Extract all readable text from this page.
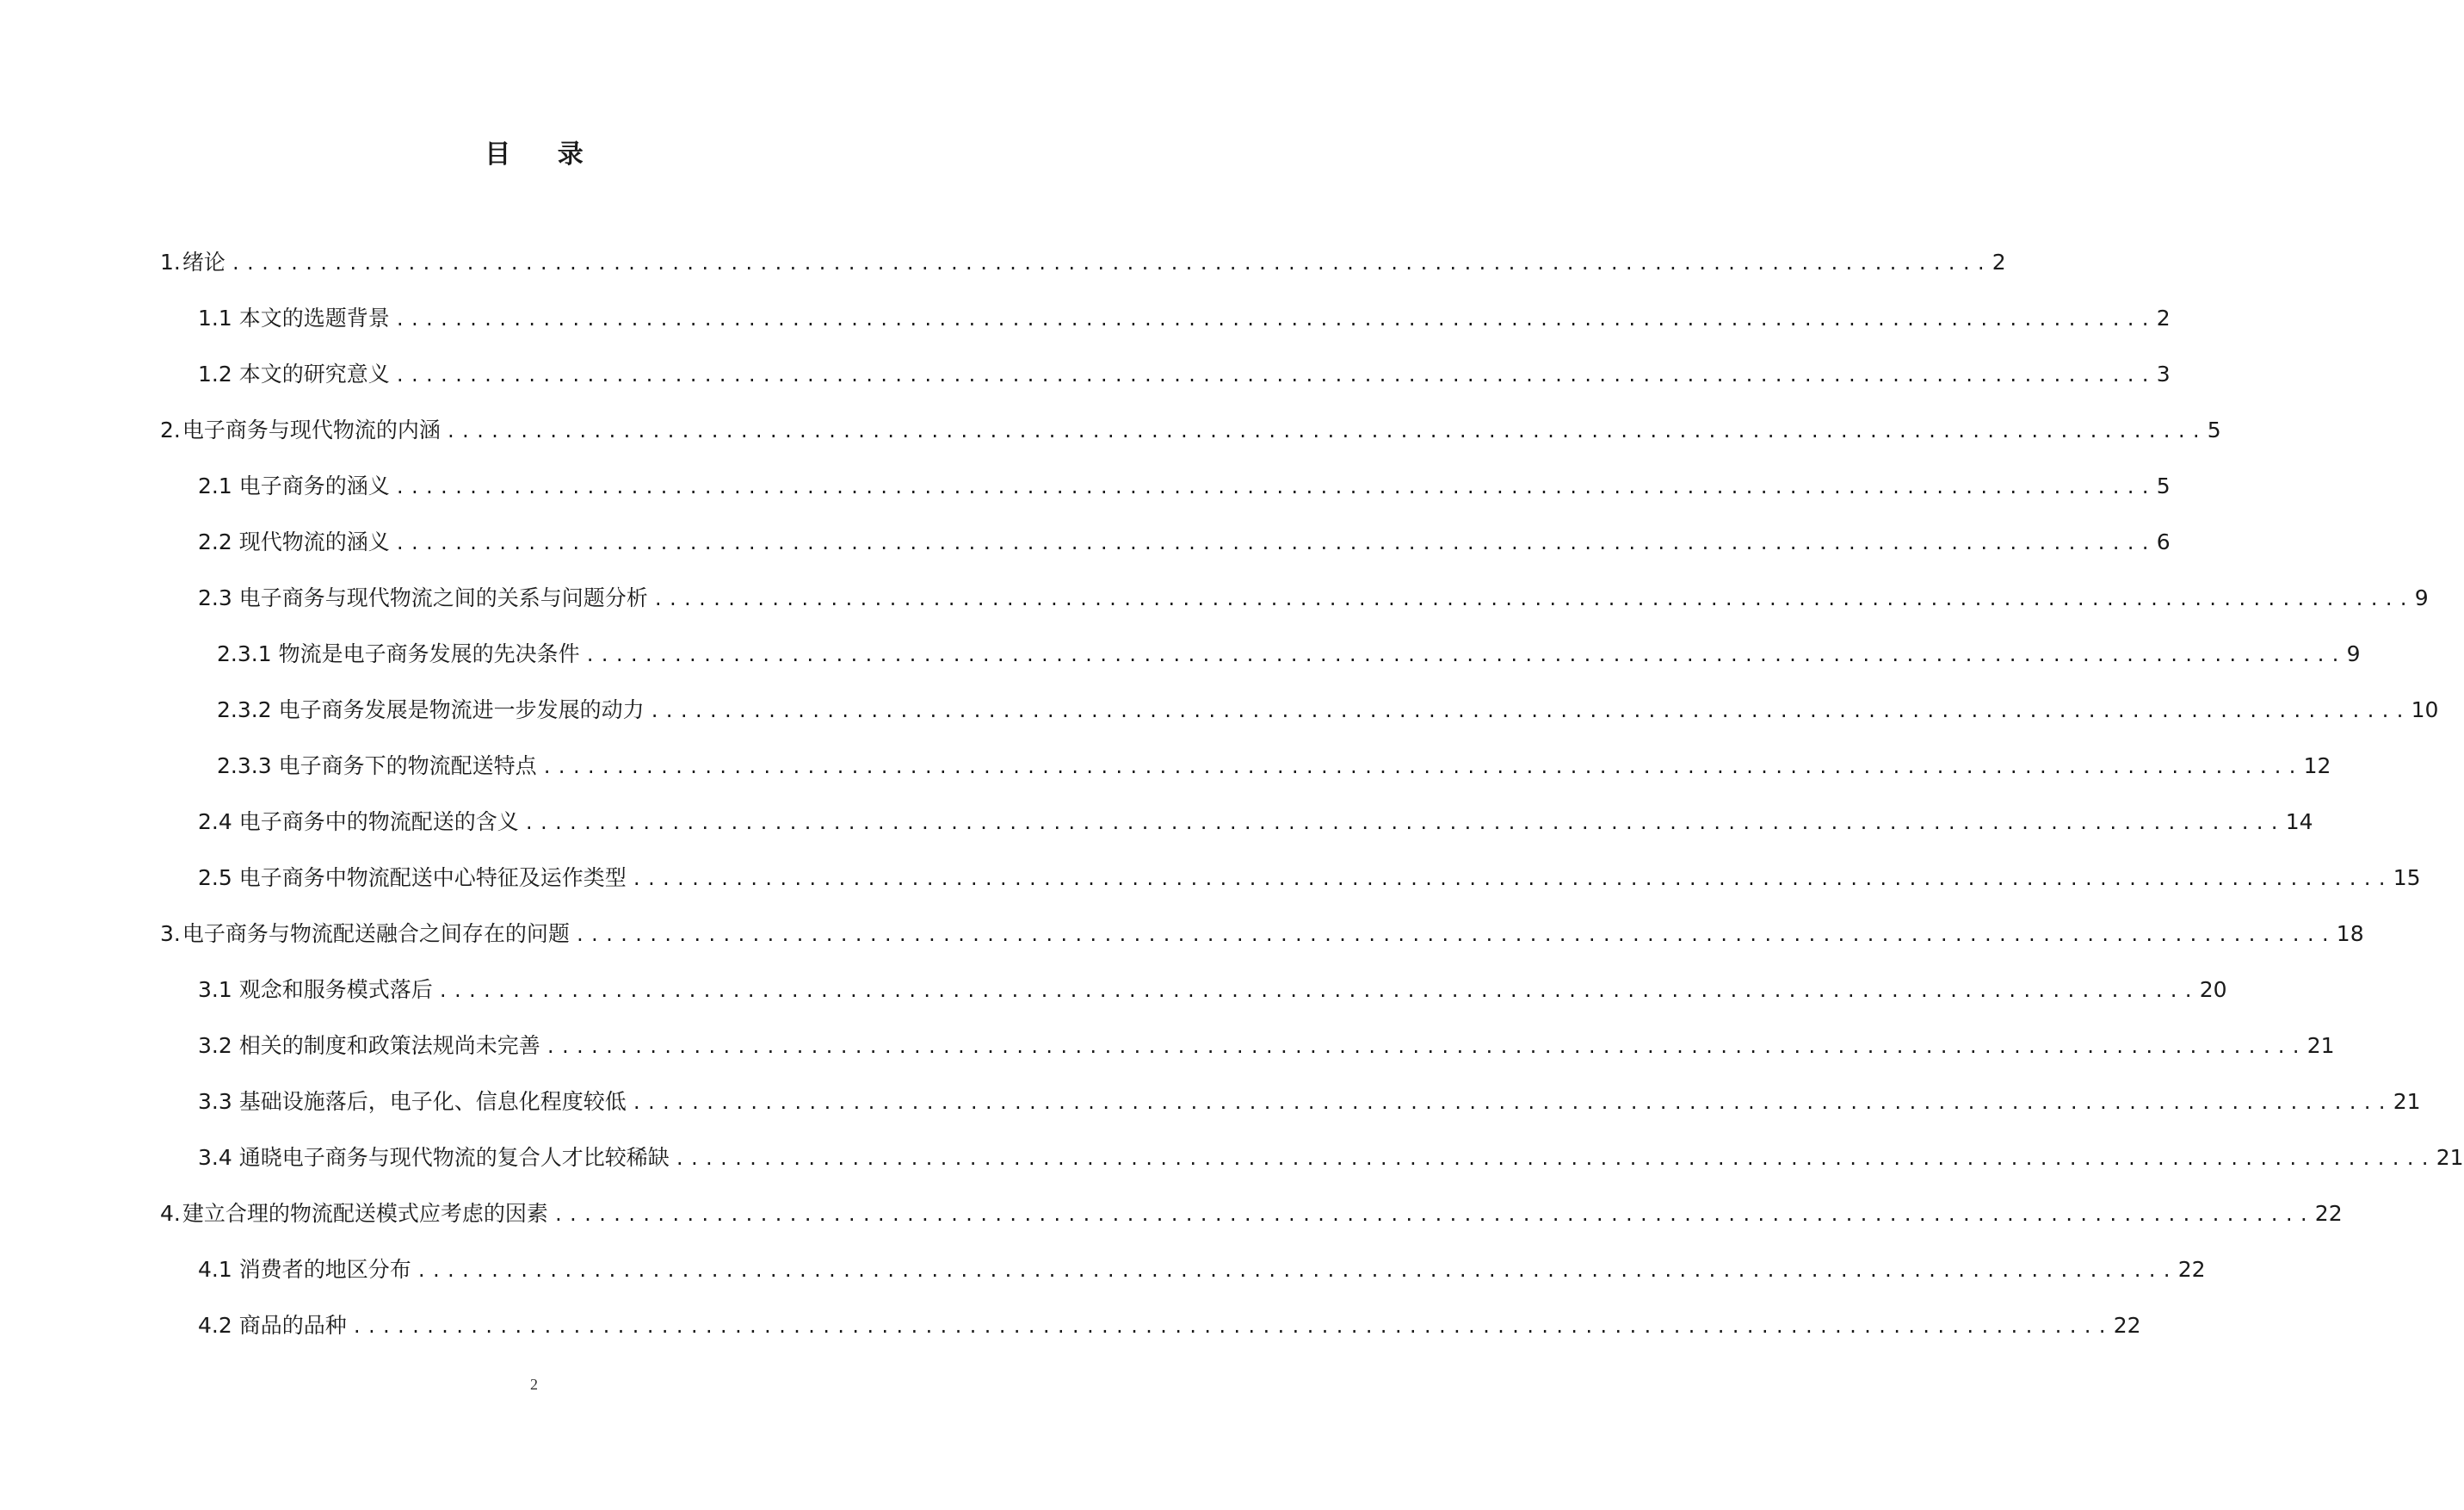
目 录
1.绪论 ........................................................................................................................ 2
1.1 本文的选题背景 ........................................................................................................................ 2
1.2 本文的研究意义 ........................................................................................................................ 3
2.电子商务与现代物流的内涵 ........................................................................................................................ 5
2.1 电子商务的涵义 ........................................................................................................................ 5
2.2 现代物流的涵义 ........................................................................................................................ 6
2.3 电子商务与现代物流之间的关系与问题分析 ........................................................................................................................ 9
2.3.1 物流是电子商务发展的先决条件 ........................................................................................................................ 9
2.3.2 电子商务发展是物流进一步发展的动力 ........................................................................................................................ 10
2.3.3 电子商务下的物流配送特点 ........................................................................................................................ 12
2.4 电子商务中的物流配送的含义 ........................................................................................................................ 14
2.5 电子商务中物流配送中心特征及运作类型 ........................................................................................................................ 15
3.电子商务与物流配送融合之间存在的问题 ........................................................................................................................ 18
3.1 观念和服务模式落后 ........................................................................................................................ 20
3.2 相关的制度和政策法规尚未完善 ........................................................................................................................ 21
3.3 基础设施落后，电子化、信息化程度较低 ........................................................................................................................ 21
3.4 通晓电子商务与现代物流的复合人才比较稀缺 ........................................................................................................................ 21
4.建立合理的物流配送模式应考虑的因素 ........................................................................................................................ 22
4.1 消费者的地区分布 ........................................................................................................................ 22
4.2 商品的品种 ........................................................................................................................ 22
2
